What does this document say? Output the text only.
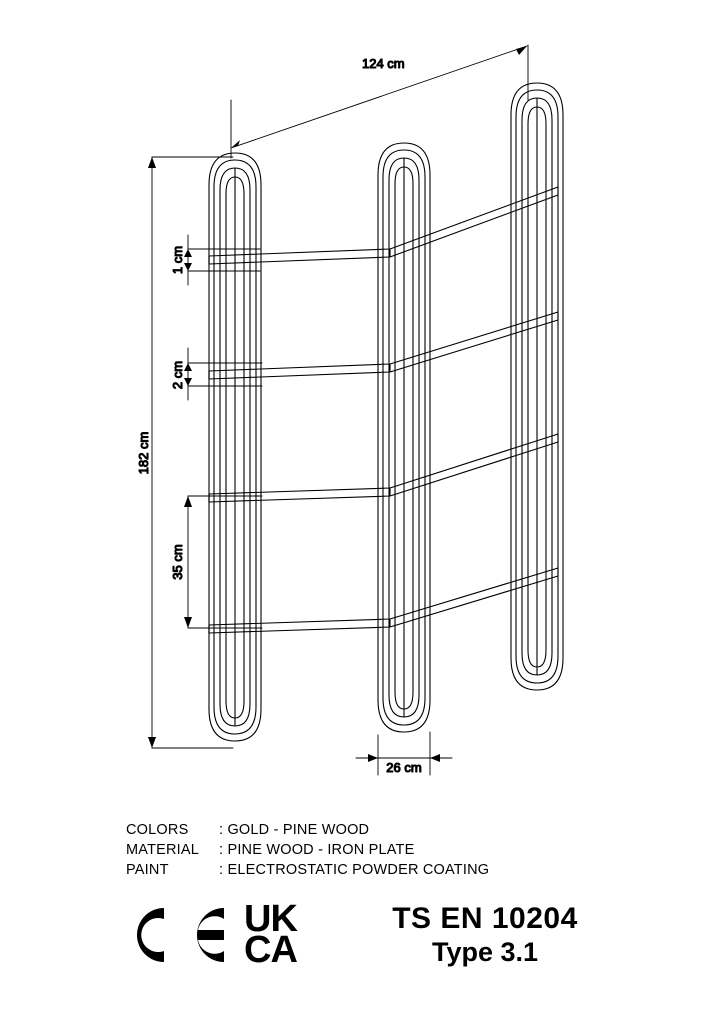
124 cm
182 cm
1 cm
2 cm
35 cm
26 cm
COLORS	: GOLD - PINE WOOD
MATERIAL	: PINE WOOD - IRON PLATE
PAINT	: ELECTROSTATIC POWDER COATING
UK
CA
TS EN 10204
Type 3.1
